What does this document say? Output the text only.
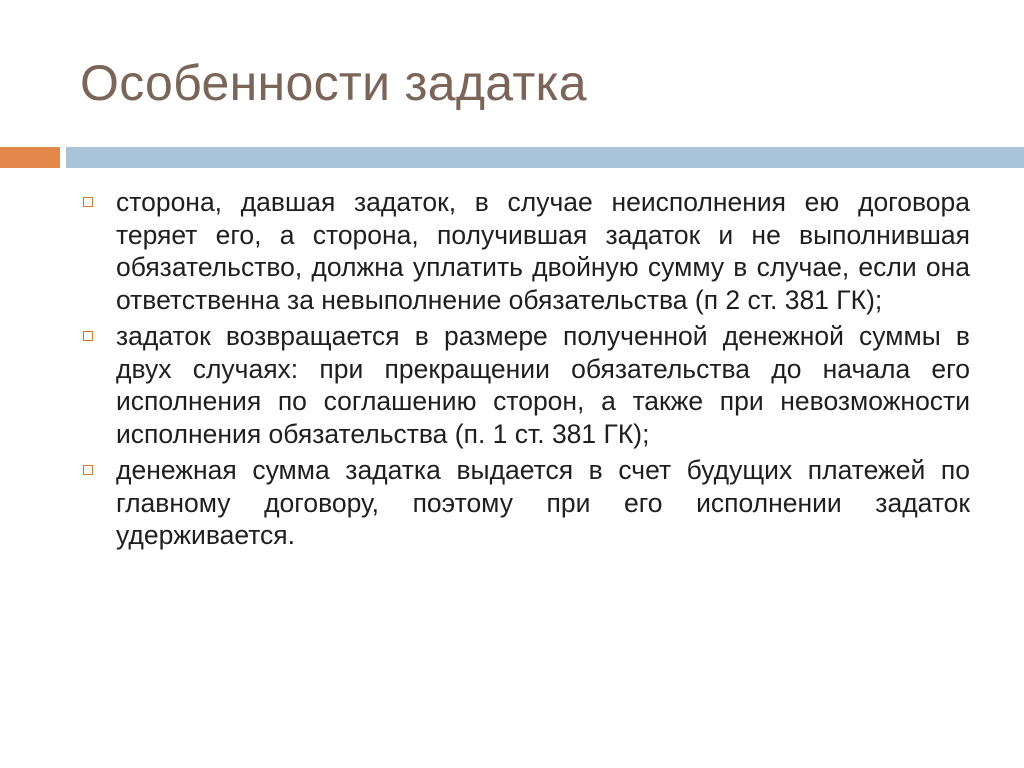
Особенности задатка
сторона, давшая задаток, в случае неисполнения ею договора теряет его, а сторона, получившая задаток и не выполнившая обязательство, должна уплатить двойную сумму в случае, если она ответственна за невыполнение обязательства (п 2 ст. 381 ГК);
задаток возвращается в размере полученной денежной суммы в двух случаях: при прекращении обязательства до начала его исполнения по соглашению сторон, а также при невозможности исполнения обязательства (п. 1 ст. 381 ГК);
денежная сумма задатка выдается в счет будущих платежей по главному договору, поэтому при его исполнении задаток удерживается.
